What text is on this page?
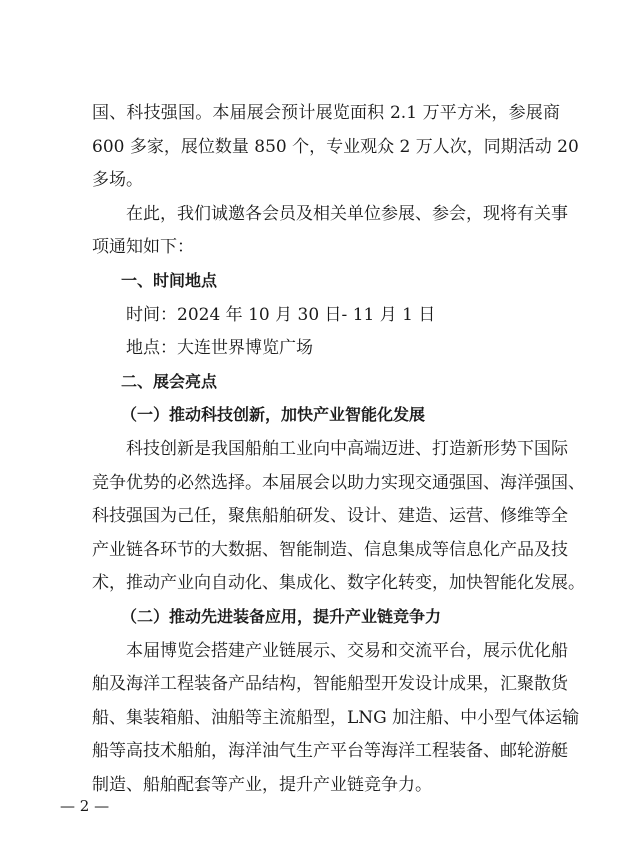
国、科技强国。本届展会预计展览面积 2.1 万平方米，参展商
600 多家，展位数量 850 个，专业观众 2 万人次，同期活动 20
多场。
在此，我们诚邀各会员及相关单位参展、参会，现将有关事
项通知如下：
一、时间地点
时间：2024 年 10 月 30 日- 11 月 1 日
地点：大连世界博览广场
二、展会亮点
（一）推动科技创新，加快产业智能化发展
科技创新是我国船舶工业向中高端迈进、打造新形势下国际
竞争优势的必然选择。本届展会以助力实现交通强国、海洋强国、
科技强国为己任，聚焦船舶研发、设计、建造、运营、修维等全
产业链各环节的大数据、智能制造、信息集成等信息化产品及技
术，推动产业向自动化、集成化、数字化转变，加快智能化发展。
（二）推动先进装备应用，提升产业链竞争力
本届博览会搭建产业链展示、交易和交流平台，展示优化船
舶及海洋工程装备产品结构，智能船型开发设计成果，汇聚散货
船、集装箱船、油船等主流船型，LNG 加注船、中小型气体运输
船等高技术船舶，海洋油气生产平台等海洋工程装备、邮轮游艇
制造、船舶配套等产业，提升产业链竞争力。
— 2 —
